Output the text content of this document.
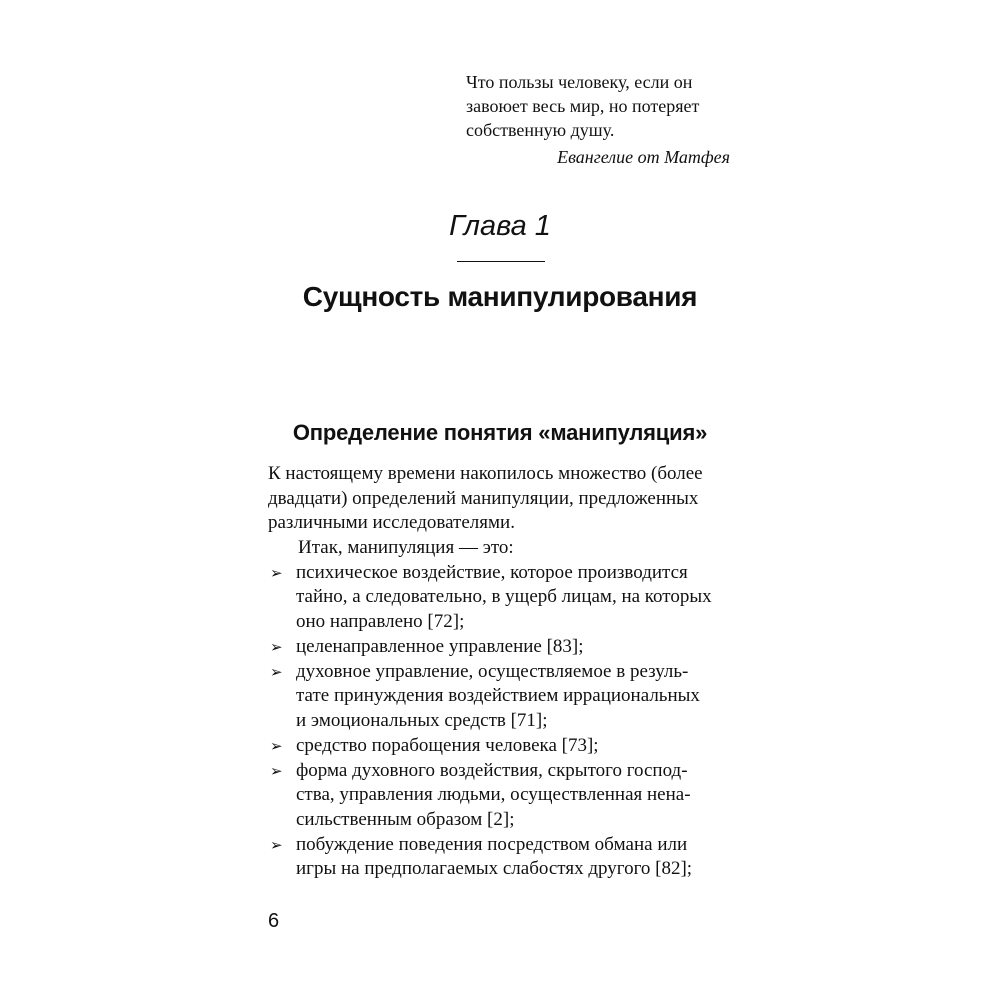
Что пользы человеку, если он
завоюет весь мир, но потеряет
собственную душу.
Евангелие от Матфея
Глава 1
Сущность манипулирования
Определение понятия «манипуляция»
К настоящему времени накопилось множество (более
двадцати) определений манипуляции, предложенных
различными исследователями.
Итак, манипуляция — это:
➢ психическое воздействие, которое производится
тайно, а следовательно, в ущерб лицам, на которых
оно направлено [72];
➢ целенаправленное управление [83];
➢ духовное управление, осуществляемое в резуль-
тате принуждения воздействием иррациональных
и эмоциональных средств [71];
➢ средство порабощения человека [73];
➢ форма духовного воздействия, скрытого господ-
ства, управления людьми, осуществленная нена-
сильственным образом [2];
➢ побуждение поведения посредством обмана или
игры на предполагаемых слабостях другого [82];
6
